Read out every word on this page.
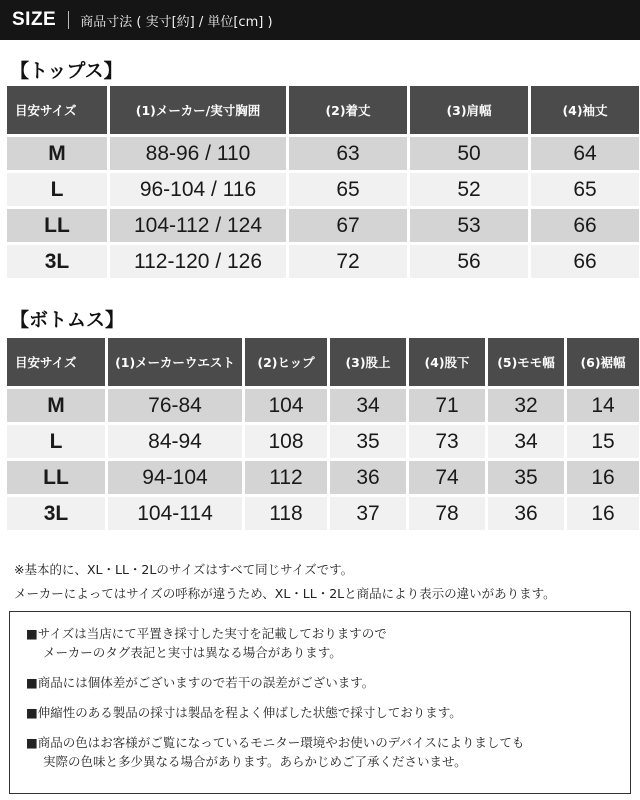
SIZE 商品寸法 ( 実寸[約] / 単位[cm] )
【トップス】
目安サイズ	(1)メーカー/実寸胸囲	(2)着丈	(3)肩幅	(4)袖丈
M	88-96 / 110	63	50	64
L	96-104 / 116	65	52	65
LL	104-112 / 124	67	53	66
3L	112-120 / 126	72	56	66
【ボトムス】
目安サイズ	(1)メーカーウエスト	(2)ヒップ	(3)股上	(4)股下	(5)モモ幅	(6)裾幅
M	76-84	104	34	71	32	14
L	84-94	108	35	73	34	15
LL	94-104	112	36	74	35	16
3L	104-114	118	37	78	36	16
※基本的に、XL・LL・2Lのサイズはすべて同じサイズです。
メーカーによってはサイズの呼称が違うため、XL・LL・2Lと商品により表示の違いがあります。
■サイズは当店にて平置き採寸した実寸を記載しておりますので
メーカーのタグ表記と実寸は異なる場合があります。
■商品には個体差がございますので若干の誤差がございます。
■伸縮性のある製品の採寸は製品を程よく伸ばした状態で採寸しております。
■商品の色はお客様がご覧になっているモニター環境やお使いのデバイスによりましても
実際の色味と多少異なる場合があります。あらかじめご了承くださいませ。
